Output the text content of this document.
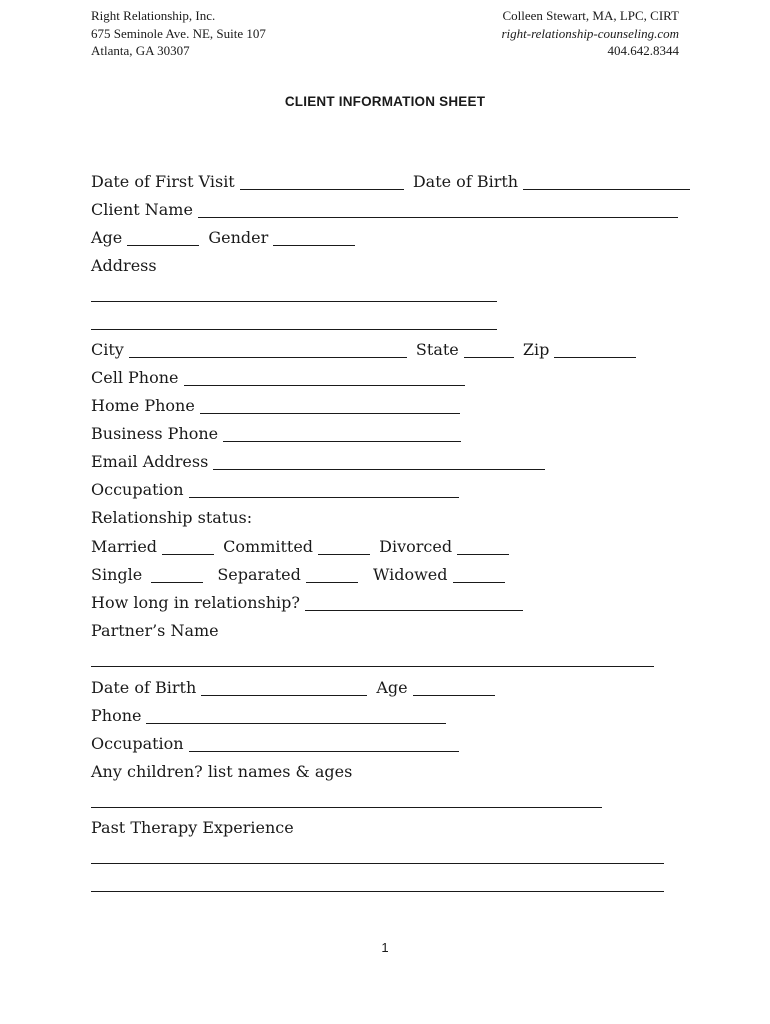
Right Relationship, Inc.
675 Seminole Ave. NE, Suite 107
Atlanta, GA 30307
Colleen Stewart, MA, LPC, CIRT
right-relationship-counseling.com
404.642.8344
CLIENT INFORMATION SHEET
Date of First Visit	Date of Birth
Client Name
Age	Gender
Address
City	State	Zip
Cell Phone
Home Phone
Business Phone
Email Address
Occupation
Relationship status:
Married	Committed	Divorced
Single	Separated	Widowed
How long in relationship?
Partner’s Name
Date of Birth	Age
Phone
Occupation
Any children? list names & ages
Past Therapy Experience
1
